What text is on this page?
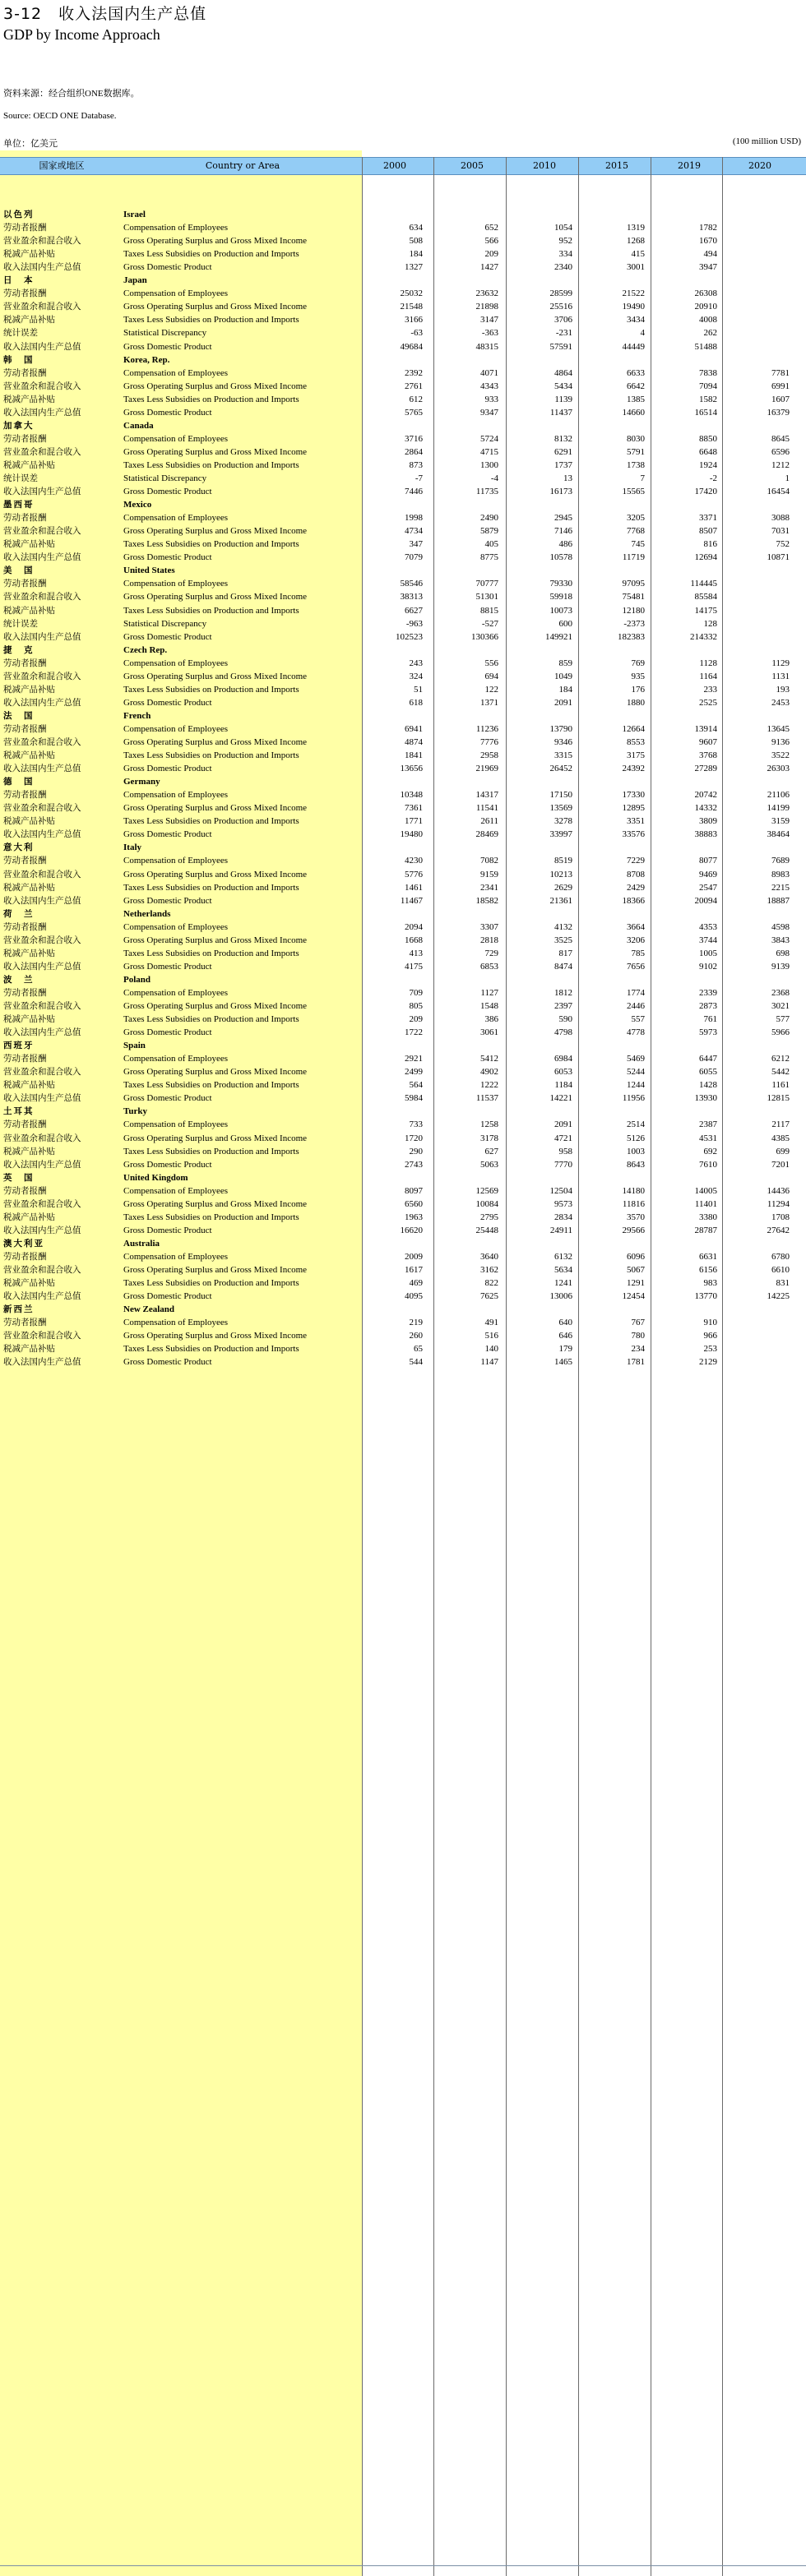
3-12　收入法国内生产总值
GDP by Income Approach
资料来源：经合组织ONE数据库。
Source: OECD ONE Database.
单位：亿美元	(100 million USD)
国家或地区	Country or Area	2000	2005	2010	2015	2019	2020
以色列	Israel
劳动者报酬	Compensation of Employees	634	652	1054	1319	1782
营业盈余和混合收入	Gross Operating Surplus and Gross Mixed Income	508	566	952	1268	1670
税减产品补贴	Taxes Less Subsidies on Production and Imports	184	209	334	415	494
收入法国内生产总值	Gross Domestic Product	1327	1427	2340	3001	3947
日　本	Japan
劳动者报酬	Compensation of Employees	25032	23632	28599	21522	26308
营业盈余和混合收入	Gross Operating Surplus and Gross Mixed Income	21548	21898	25516	19490	20910
税减产品补贴	Taxes Less Subsidies on Production and Imports	3166	3147	3706	3434	4008
统计误差	Statistical Discrepancy	-63	-363	-231	4	262
收入法国内生产总值	Gross Domestic Product	49684	48315	57591	44449	51488
韩　国	Korea, Rep.
劳动者报酬	Compensation of Employees	2392	4071	4864	6633	7838	7781
营业盈余和混合收入	Gross Operating Surplus and Gross Mixed Income	2761	4343	5434	6642	7094	6991
税减产品补贴	Taxes Less Subsidies on Production and Imports	612	933	1139	1385	1582	1607
收入法国内生产总值	Gross Domestic Product	5765	9347	11437	14660	16514	16379
加拿大	Canada
劳动者报酬	Compensation of Employees	3716	5724	8132	8030	8850	8645
营业盈余和混合收入	Gross Operating Surplus and Gross Mixed Income	2864	4715	6291	5791	6648	6596
税减产品补贴	Taxes Less Subsidies on Production and Imports	873	1300	1737	1738	1924	1212
统计误差	Statistical Discrepancy	-7	-4	13	7	-2	1
收入法国内生产总值	Gross Domestic Product	7446	11735	16173	15565	17420	16454
墨西哥	Mexico
劳动者报酬	Compensation of Employees	1998	2490	2945	3205	3371	3088
营业盈余和混合收入	Gross Operating Surplus and Gross Mixed Income	4734	5879	7146	7768	8507	7031
税减产品补贴	Taxes Less Subsidies on Production and Imports	347	405	486	745	816	752
收入法国内生产总值	Gross Domestic Product	7079	8775	10578	11719	12694	10871
美　国	United States
劳动者报酬	Compensation of Employees	58546	70777	79330	97095	114445
营业盈余和混合收入	Gross Operating Surplus and Gross Mixed Income	38313	51301	59918	75481	85584
税减产品补贴	Taxes Less Subsidies on Production and Imports	6627	8815	10073	12180	14175
统计误差	Statistical Discrepancy	-963	-527	600	-2373	128
收入法国内生产总值	Gross Domestic Product	102523	130366	149921	182383	214332
捷　克	Czech Rep.
劳动者报酬	Compensation of Employees	243	556	859	769	1128	1129
营业盈余和混合收入	Gross Operating Surplus and Gross Mixed Income	324	694	1049	935	1164	1131
税减产品补贴	Taxes Less Subsidies on Production and Imports	51	122	184	176	233	193
收入法国内生产总值	Gross Domestic Product	618	1371	2091	1880	2525	2453
法　国	French
劳动者报酬	Compensation of Employees	6941	11236	13790	12664	13914	13645
营业盈余和混合收入	Gross Operating Surplus and Gross Mixed Income	4874	7776	9346	8553	9607	9136
税减产品补贴	Taxes Less Subsidies on Production and Imports	1841	2958	3315	3175	3768	3522
收入法国内生产总值	Gross Domestic Product	13656	21969	26452	24392	27289	26303
德　国	Germany
劳动者报酬	Compensation of Employees	10348	14317	17150	17330	20742	21106
营业盈余和混合收入	Gross Operating Surplus and Gross Mixed Income	7361	11541	13569	12895	14332	14199
税减产品补贴	Taxes Less Subsidies on Production and Imports	1771	2611	3278	3351	3809	3159
收入法国内生产总值	Gross Domestic Product	19480	28469	33997	33576	38883	38464
意大利	Italy
劳动者报酬	Compensation of Employees	4230	7082	8519	7229	8077	7689
营业盈余和混合收入	Gross Operating Surplus and Gross Mixed Income	5776	9159	10213	8708	9469	8983
税减产品补贴	Taxes Less Subsidies on Production and Imports	1461	2341	2629	2429	2547	2215
收入法国内生产总值	Gross Domestic Product	11467	18582	21361	18366	20094	18887
荷　兰	Netherlands
劳动者报酬	Compensation of Employees	2094	3307	4132	3664	4353	4598
营业盈余和混合收入	Gross Operating Surplus and Gross Mixed Income	1668	2818	3525	3206	3744	3843
税减产品补贴	Taxes Less Subsidies on Production and Imports	413	729	817	785	1005	698
收入法国内生产总值	Gross Domestic Product	4175	6853	8474	7656	9102	9139
波　兰	Poland
劳动者报酬	Compensation of Employees	709	1127	1812	1774	2339	2368
营业盈余和混合收入	Gross Operating Surplus and Gross Mixed Income	805	1548	2397	2446	2873	3021
税减产品补贴	Taxes Less Subsidies on Production and Imports	209	386	590	557	761	577
收入法国内生产总值	Gross Domestic Product	1722	3061	4798	4778	5973	5966
西班牙	Spain
劳动者报酬	Compensation of Employees	2921	5412	6984	5469	6447	6212
营业盈余和混合收入	Gross Operating Surplus and Gross Mixed Income	2499	4902	6053	5244	6055	5442
税减产品补贴	Taxes Less Subsidies on Production and Imports	564	1222	1184	1244	1428	1161
收入法国内生产总值	Gross Domestic Product	5984	11537	14221	11956	13930	12815
土耳其	Turky
劳动者报酬	Compensation of Employees	733	1258	2091	2514	2387	2117
营业盈余和混合收入	Gross Operating Surplus and Gross Mixed Income	1720	3178	4721	5126	4531	4385
税减产品补贴	Taxes Less Subsidies on Production and Imports	290	627	958	1003	692	699
收入法国内生产总值	Gross Domestic Product	2743	5063	7770	8643	7610	7201
英　国	United Kingdom
劳动者报酬	Compensation of Employees	8097	12569	12504	14180	14005	14436
营业盈余和混合收入	Gross Operating Surplus and Gross Mixed Income	6560	10084	9573	11816	11401	11294
税减产品补贴	Taxes Less Subsidies on Production and Imports	1963	2795	2834	3570	3380	1708
收入法国内生产总值	Gross Domestic Product	16620	25448	24911	29566	28787	27642
澳大利亚	Australia
劳动者报酬	Compensation of Employees	2009	3640	6132	6096	6631	6780
营业盈余和混合收入	Gross Operating Surplus and Gross Mixed Income	1617	3162	5634	5067	6156	6610
税减产品补贴	Taxes Less Subsidies on Production and Imports	469	822	1241	1291	983	831
收入法国内生产总值	Gross Domestic Product	4095	7625	13006	12454	13770	14225
新西兰	New Zealand
劳动者报酬	Compensation of Employees	219	491	640	767	910
营业盈余和混合收入	Gross Operating Surplus and Gross Mixed Income	260	516	646	780	966
税减产品补贴	Taxes Less Subsidies on Production and Imports	65	140	179	234	253
收入法国内生产总值	Gross Domestic Product	544	1147	1465	1781	2129
